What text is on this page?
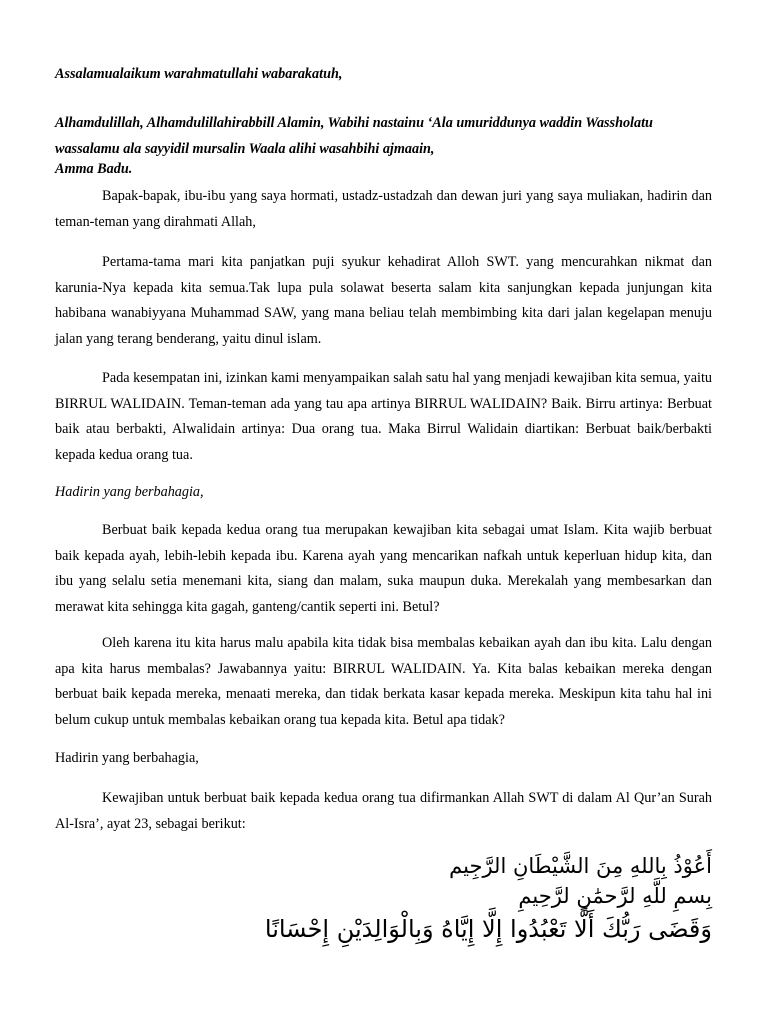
Assalamualaikum warahmatullahi wabarakatuh,

Alhamdulillah, Alhamdulillahirabbill Alamin, Wabihi nastainu ‘Ala umuriddunya waddin Wassholatu

wassalamu ala sayyidil mursalin Waala alihi wasahbihi ajmaain,

Amma Badu.

Bapak-bapak, ibu-ibu yang saya hormati, ustadz-ustadzah dan dewan juri yang saya muliakan, hadirin dan teman-teman yang dirahmati Allah,

Pertama-tama mari kita panjatkan puji syukur kehadirat Alloh SWT. yang mencurahkan nikmat dan karunia-Nya kepada kita semua.Tak lupa pula solawat beserta salam kita sanjungkan kepada junjungan kita habibana wanabiyyana Muhammad SAW, yang mana beliau telah membimbing kita dari jalan kegelapan menuju jalan yang terang benderang, yaitu dinul islam.

Pada kesempatan ini, izinkan kami menyampaikan salah satu hal yang menjadi kewajiban kita semua, yaitu BIRRUL WALIDAIN. Teman-teman ada yang tau apa artinya BIRRUL WALIDAIN? Baik. Birru artinya: Berbuat baik atau berbakti, Alwalidain artinya: Dua orang tua. Maka Birrul Walidain diartikan: Berbuat baik/berbakti kepada kedua orang tua.

Hadirin yang berbahagia,

Berbuat baik kepada kedua orang tua merupakan kewajiban kita sebagai umat Islam. Kita wajib berbuat baik kepada ayah, lebih-lebih kepada ibu. Karena ayah yang mencarikan nafkah untuk keperluan hidup kita, dan ibu yang selalu setia menemani kita, siang dan malam, suka maupun duka. Merekalah yang membesarkan dan merawat kita sehingga kita gagah, ganteng/cantik seperti ini. Betul?

Oleh karena itu kita harus malu apabila kita tidak bisa membalas kebaikan ayah dan ibu kita. Lalu dengan apa kita harus membalas? Jawabannya yaitu: BIRRUL WALIDAIN. Ya. Kita balas kebaikan mereka dengan berbuat baik kepada mereka, menaati mereka, dan tidak berkata kasar kepada mereka. Meskipun kita tahu hal ini belum cukup untuk membalas kebaikan orang tua kepada kita. Betul apa tidak?

Hadirin yang berbahagia,

Kewajiban untuk berbuat baik kepada kedua orang tua difirmankan Allah SWT di dalam Al Qur’an Surah Al-Isra’, ayat 23, sebagai berikut:

أَعُوْذُ بِاللهِ مِنَ الشَّيْطَانِ الرَّجِيم

بِسمِ للَّهِ لرَّحمَٰنِ لرَّحِيمِ

وَقَضَى رَبُّكَ أَلَّا تَعْبُدُوا إِلَّا إِيَّاهُ وَبِالْوَالِدَيْنِ إِحْسَانًا
